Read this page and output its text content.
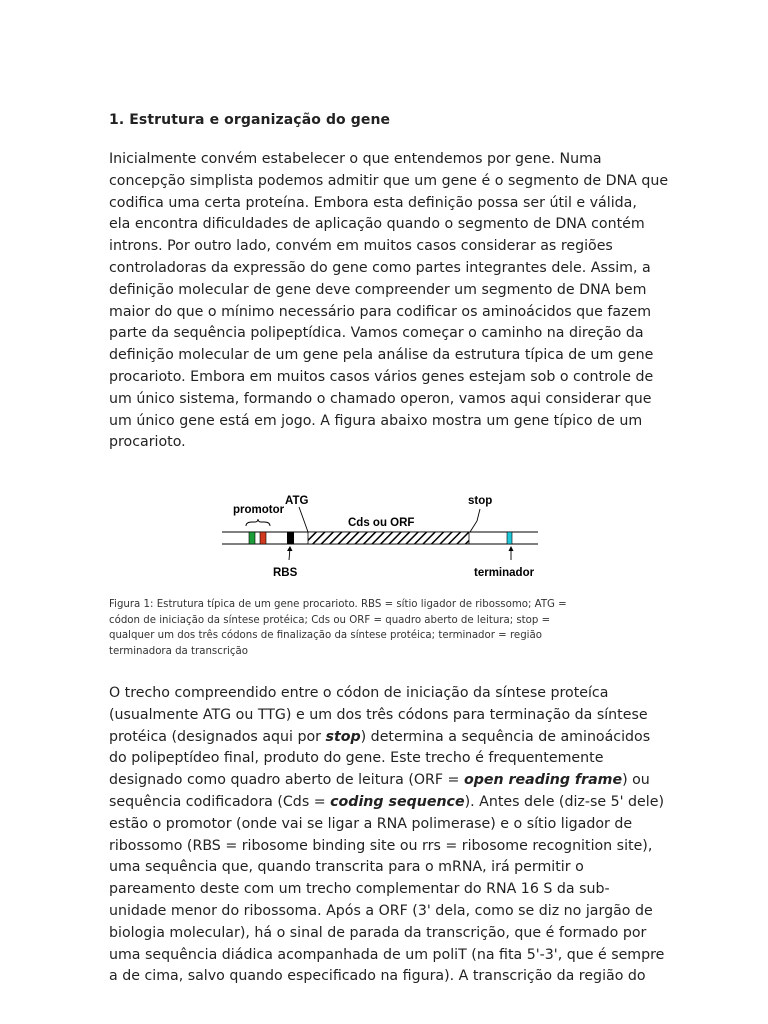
1. Estrutura e organização do gene
Inicialmente convém estabelecer o que entendemos por gene. Numa
concepção simplista podemos admitir que um gene é o segmento de DNA que
codifica uma certa proteína. Embora esta definição possa ser útil e válida,
ela encontra dificuldades de aplicação quando o segmento de DNA contém
introns. Por outro lado, convém em muitos casos considerar as regiões
controladoras da expressão do gene como partes integrantes dele. Assim, a
definição molecular de gene deve compreender um segmento de DNA bem
maior do que o mínimo necessário para codificar os aminoácidos que fazem
parte da sequência polipeptídica. Vamos começar o caminho na direção da
definição molecular de um gene pela análise da estrutura típica de um gene
procarioto. Embora em muitos casos vários genes estejam sob o controle de
um único sistema, formando o chamado operon, vamos aqui considerar que
um único gene está em jogo. A figura abaixo mostra um gene típico de um
procarioto.
promotor
ATG	stop
Cds ou ORF
RBS	terminador
Figura 1: Estrutura típica de um gene procarioto. RBS = sítio ligador de ribossomo; ATG =
códon de iniciação da síntese protéica; Cds ou ORF = quadro aberto de leitura; stop =
qualquer um dos três códons de finalização da síntese protéica; terminador = região
terminadora da transcrição
O trecho compreendido entre o códon de iniciação da síntese proteíca
(usualmente ATG ou TTG) e um dos três códons para terminação da síntese
protéica (designados aqui por stop) determina a sequência de aminoácidos
do polipeptídeo final, produto do gene. Este trecho é frequentemente
designado como quadro aberto de leitura (ORF = open reading frame) ou
sequência codificadora (Cds = coding sequence). Antes dele (diz-se 5' dele)
estão o promotor (onde vai se ligar a RNA polimerase) e o sítio ligador de
ribossomo (RBS = ribosome binding site ou rrs = ribosome recognition site),
uma sequência que, quando transcrita para o mRNA, irá permitir o
pareamento deste com um trecho complementar do RNA 16 S da sub-
unidade menor do ribossoma. Após a ORF (3' dela, como se diz no jargão de
biologia molecular), há o sinal de parada da transcrição, que é formado por
uma sequência diádica acompanhada de um poliT (na fita 5'-3', que é sempre
a de cima, salvo quando especificado na figura). A transcrição da região do
